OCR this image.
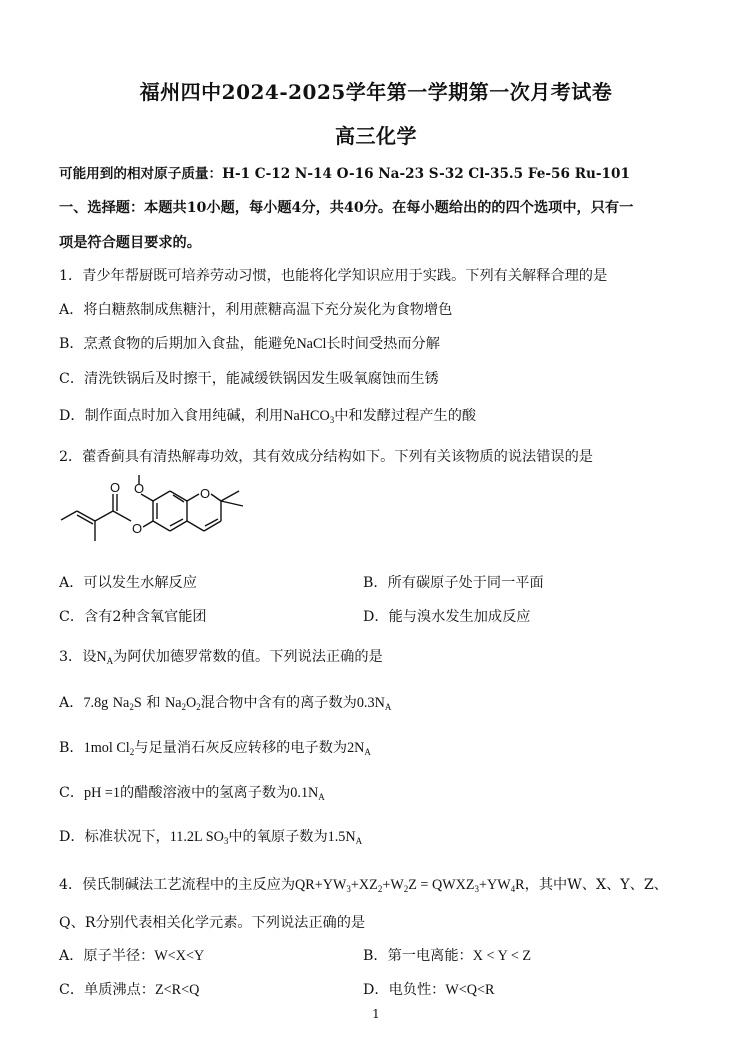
福州四中2024-2025学年第一学期第一次月考试卷
高三化学
可能用到的相对原子质量：H-1 C-12 N-14 O-16 Na-23 S-32 Cl-35.5 Fe-56 Ru-101
一、选择题：本题共10小题，每小题4分，共40分。在每小题给出的的四个选项中，只有一
项是符合题目要求的。
1．青少年帮厨既可培养劳动习惯，也能将化学知识应用于实践。下列有关解释合理的是
A．将白糖熬制成焦糖汁，利用蔗糖高温下充分炭化为食物增色
B．烹煮食物的后期加入食盐，能避免NaCl长时间受热而分解
C．清洗铁锅后及时擦干，能减缓铁锅因发生吸氧腐蚀而生锈
D．制作面点时加入食用纯碱，利用NaHCO$_3$中和发酵过程产生的酸
2．藿香蓟具有清热解毒功效，其有效成分结构如下。下列有关该物质的说法错误的是
O
O
O	O
A．可以发生水解反应	B．所有碳原子处于同一平面
C．含有2种含氧官能团	D．能与溴水发生加成反应
3．设$N_A$为阿伏加德罗常数的值。下列说法正确的是
A．7.8g $Na_2S$ 和 $Na_2O_2$混合物中含有的离子数为$0.3N_A$
B．1mol $Cl_2$与足量消石灰反应转移的电子数为$2N_A$
C．pH =1的醋酸溶液中的氢离子数为$0.1N_A$
D．标准状况下，11.2L $SO_3$中的氧原子数为$1.5N_A$
4．侯氏制碱法工艺流程中的主反应为$QR+YW_3+XZ_2+W_2Z$ = $QWXZ_3+YW_4R$，其中W、X、Y、Z、
Q、R分别代表相关化学元素。下列说法正确的是
A．原子半径：W<X<Y	B．第一电离能：X < Y < Z
C．单质沸点：Z<R<Q	D．电负性：W<Q<R
1
